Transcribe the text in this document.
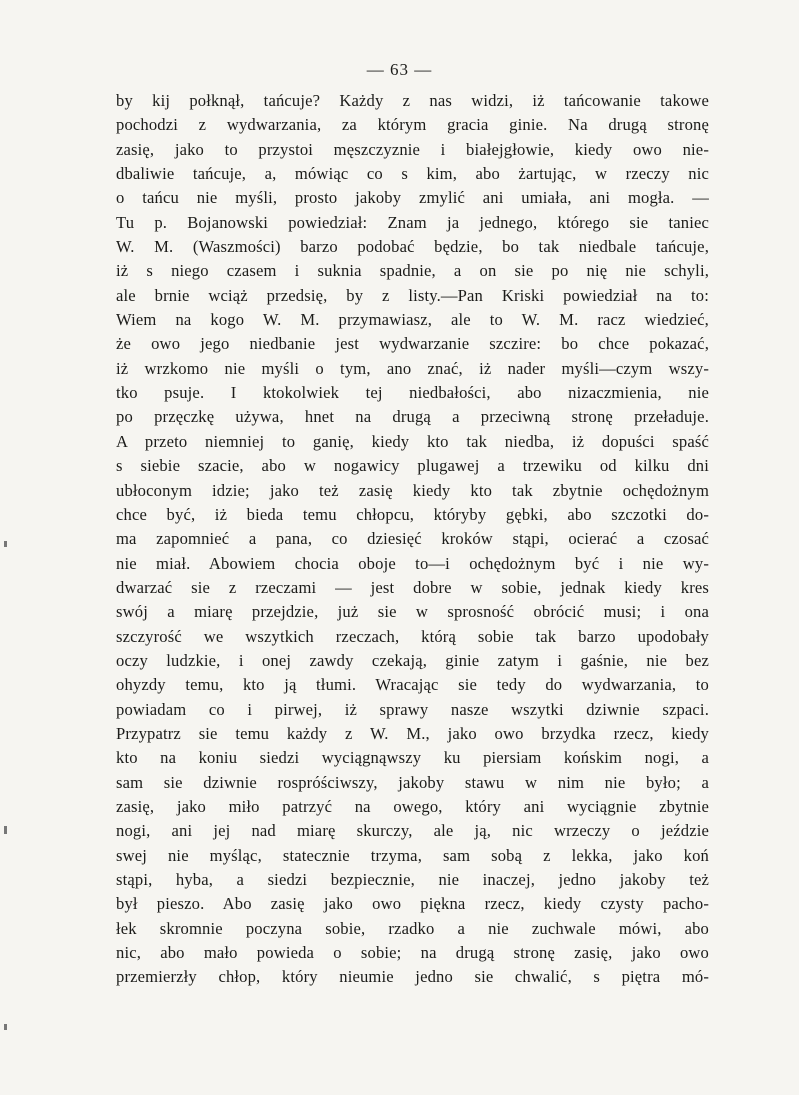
— 63 —
by kij połknął, tańcuje? Każdy z nas widzi, iż tańcowanie takowe
pochodzi z wydwarzania, za którym gracia ginie. Na drugą stronę
zasię, jako to przystoi męszczyznie i białejgłowie, kiedy owo nie-
dbaliwie tańcuje, a, mówiąc co s kim, abo żartując, w rzeczy nic
o tańcu nie myśli, prosto jakoby zmylić ani umiała, ani mogła. —
Tu p. Bojanowski powiedział: Znam ja jednego, którego sie taniec
W. M. (Waszmości) barzo podobać będzie, bo tak niedbale tańcuje,
iż s niego czasem i suknia spadnie, a on sie po nię nie schyli,
ale brnie wciąż przedsię, by z listy.—Pan Kriski powiedział na to:
Wiem na kogo W. M. przymawiasz, ale to W. M. racz wiedzieć,
że owo jego niedbanie jest wydwarzanie szczire: bo chce pokazać,
iż wrzkomo nie myśli o tym, ano znać, iż nader myśli—czym wszy-
tko psuje. I ktokolwiek tej niedbałości, abo nizaczmienia, nie
po przęczkę używa, hnet na drugą a przeciwną stronę przeładuje.
A przeto niemniej to ganię, kiedy kto tak niedba, iż dopuści spaść
s siebie szacie, abo w nogawicy plugawej a trzewiku od kilku dni
ubłoconym idzie; jako też zasię kiedy kto tak zbytnie ochędożnym
chce być, iż bieda temu chłopcu, któryby gębki, abo szczotki do-
ma zapomnieć a pana, co dziesięć kroków stąpi, ocierać a czosać
nie miał. Abowiem chocia oboje to—i ochędożnym być i nie wy-
dwarzać sie z rzeczami — jest dobre w sobie, jednak kiedy kres
swój a miarę przejdzie, już sie w sprosność obrócić musi; i ona
szczyrość we wszytkich rzeczach, którą sobie tak barzo upodobały
oczy ludzkie, i onej zawdy czekają, ginie zatym i gaśnie, nie bez
ohyzdy temu, kto ją tłumi. Wracając sie tedy do wydwarzania, to
powiadam co i pirwej, iż sprawy nasze wszytki dziwnie szpaci.
Przypatrz sie temu każdy z W. M., jako owo brzydka rzecz, kiedy
kto na koniu siedzi wyciągnąwszy ku piersiam końskim nogi, a
sam sie dziwnie rospróściwszy, jakoby stawu w nim nie było; a
zasię, jako miło patrzyć na owego, który ani wyciągnie zbytnie
nogi, ani jej nad miarę skurczy, ale ją, nic wrzeczy o jeździe
swej nie myśląc, statecznie trzyma, sam sobą z lekka, jako koń
stąpi, hyba, a siedzi bezpiecznie, nie inaczej, jedno jakoby też
był pieszo. Abo zasię jako owo piękna rzecz, kiedy czysty pacho-
łek skromnie poczyna sobie, rzadko a nie zuchwale mówi, abo
nic, abo mało powieda o sobie; na drugą stronę zasię, jako owo
przemierzły chłop, który nieumie jedno sie chwalić, s piętra mó-
